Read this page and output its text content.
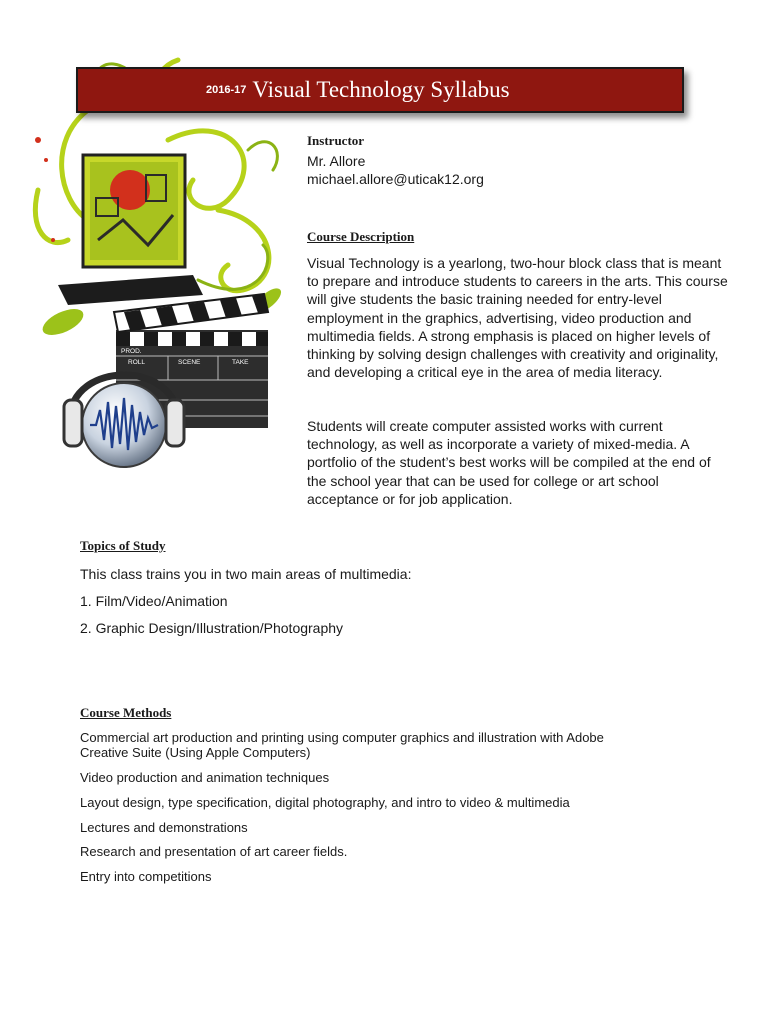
PROD.
ROLL	SCENE	TAKE
2016-17 Visual Technology Syllabus
Instructor
Mr. Allore
michael.allore@uticak12.org
Course Description
Visual Technology is a yearlong, two-hour block class that is meant to prepare and introduce students to careers in the arts. This course will give students the basic training needed for entry-level employment in the graphics, advertising, video production and multimedia fields. A strong emphasis is placed on higher levels of thinking by solving design challenges with creativity and originality, and developing a critical eye in the area of media literacy.
Students will create computer assisted works with current technology, as well as incorporate a variety of mixed-media. A portfolio of the student’s best works will be compiled at the end of the school year that can be used for college or art school acceptance or for job application.
Topics of Study
This class trains you in two main areas of multimedia:
1. Film/Video/Animation
2. Graphic Design/Illustration/Photography
Course Methods
Commercial art production and printing using computer graphics and illustration with Adobe
Creative Suite (Using Apple Computers)
Video production and animation techniques
Layout design, type specification, digital photography, and intro to video & multimedia
Lectures and demonstrations
Research and presentation of art career fields.
Entry into competitions
